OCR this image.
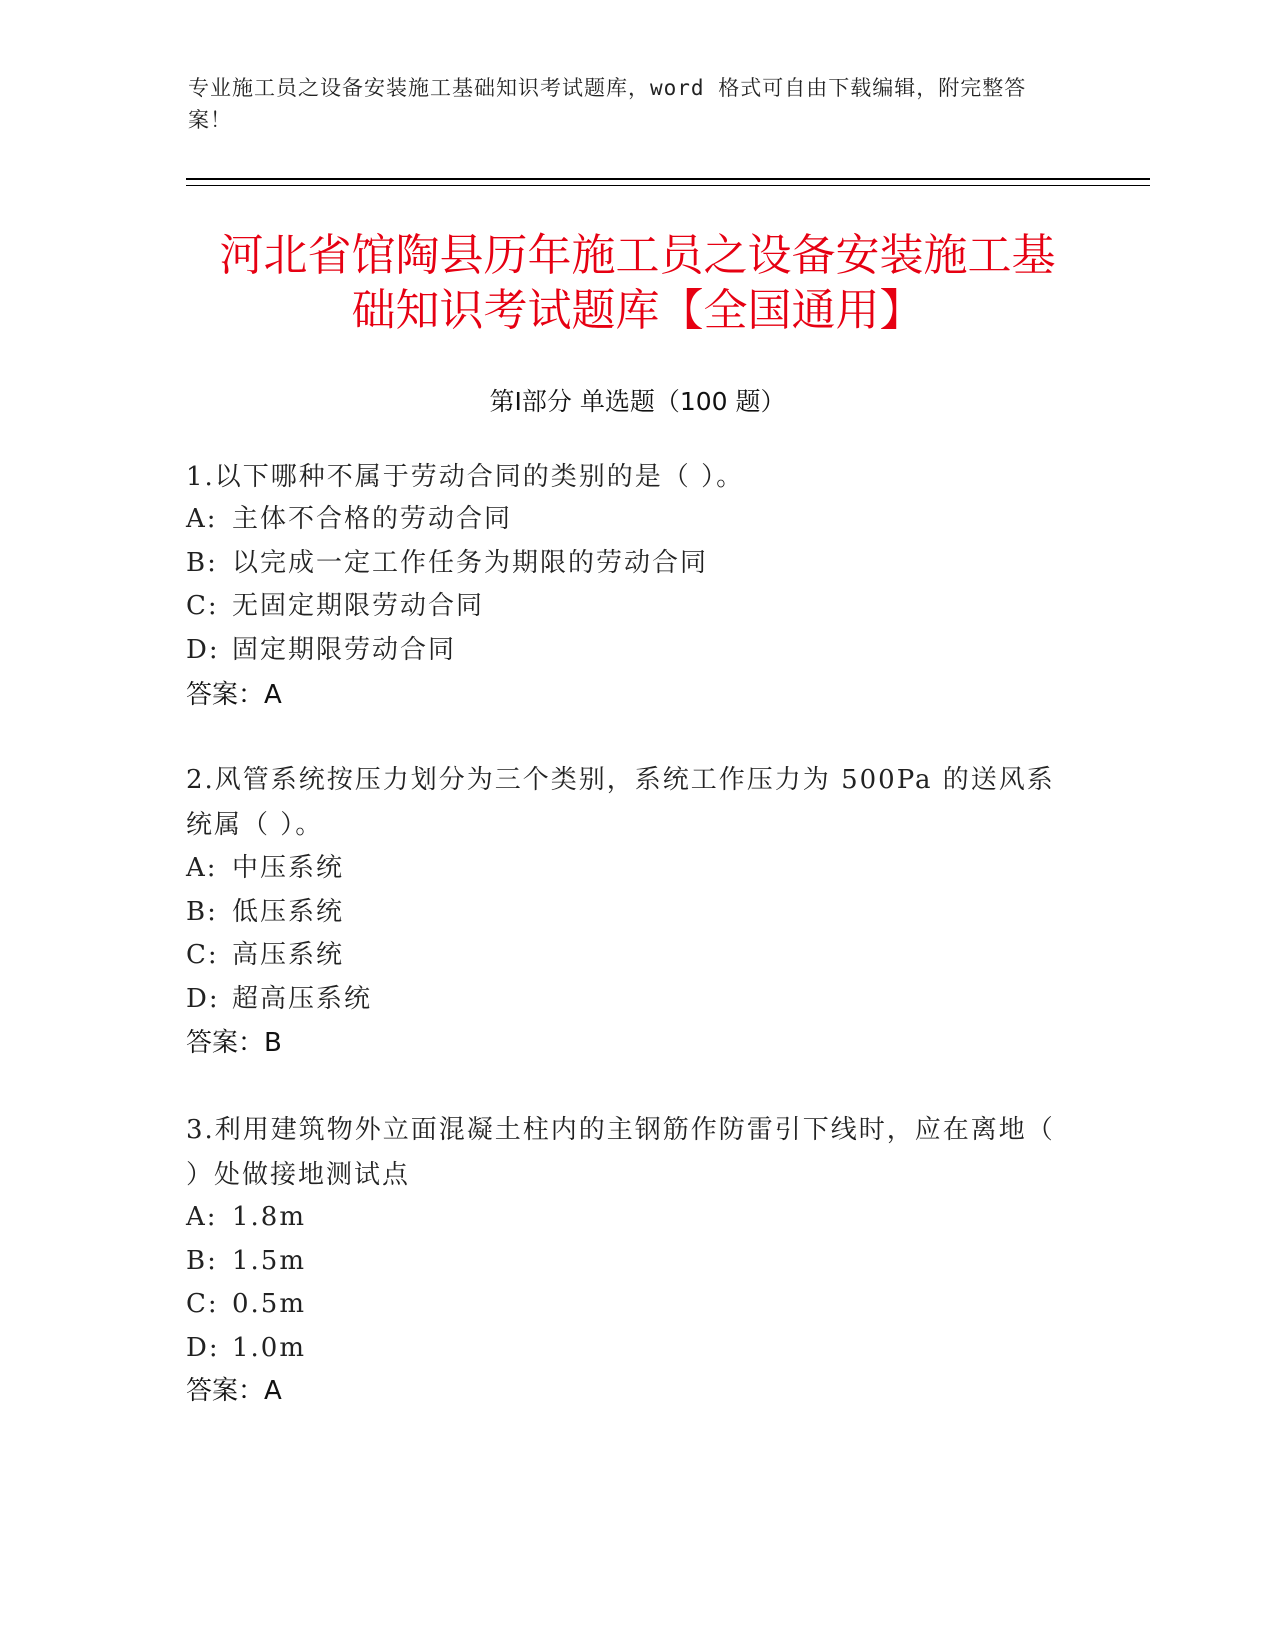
专业施工员之设备安装施工基础知识考试题库，word 格式可自由下载编辑，附完整答案！
河北省馆陶县历年施工员之设备安装施工基
础知识考试题库【全国通用】
第Ⅰ部分 单选题（100 题）
1.以下哪种不属于劳动合同的类别的是（ ）。
A: 主体不合格的劳动合同
B: 以完成一定工作任务为期限的劳动合同
C: 无固定期限劳动合同
D: 固定期限劳动合同
答案：A
2.风管系统按压力划分为三个类别，系统工作压力为 500Pa 的送风系统属（ ）。
A: 中压系统
B: 低压系统
C: 高压系统
D: 超高压系统
答案：B
3.利用建筑物外立面混凝土柱内的主钢筋作防雷引下线时，应在离地（ ）处做接地测试点
A: 1.8m
B: 1.5m
C: 0.5m
D: 1.0m
答案：A
